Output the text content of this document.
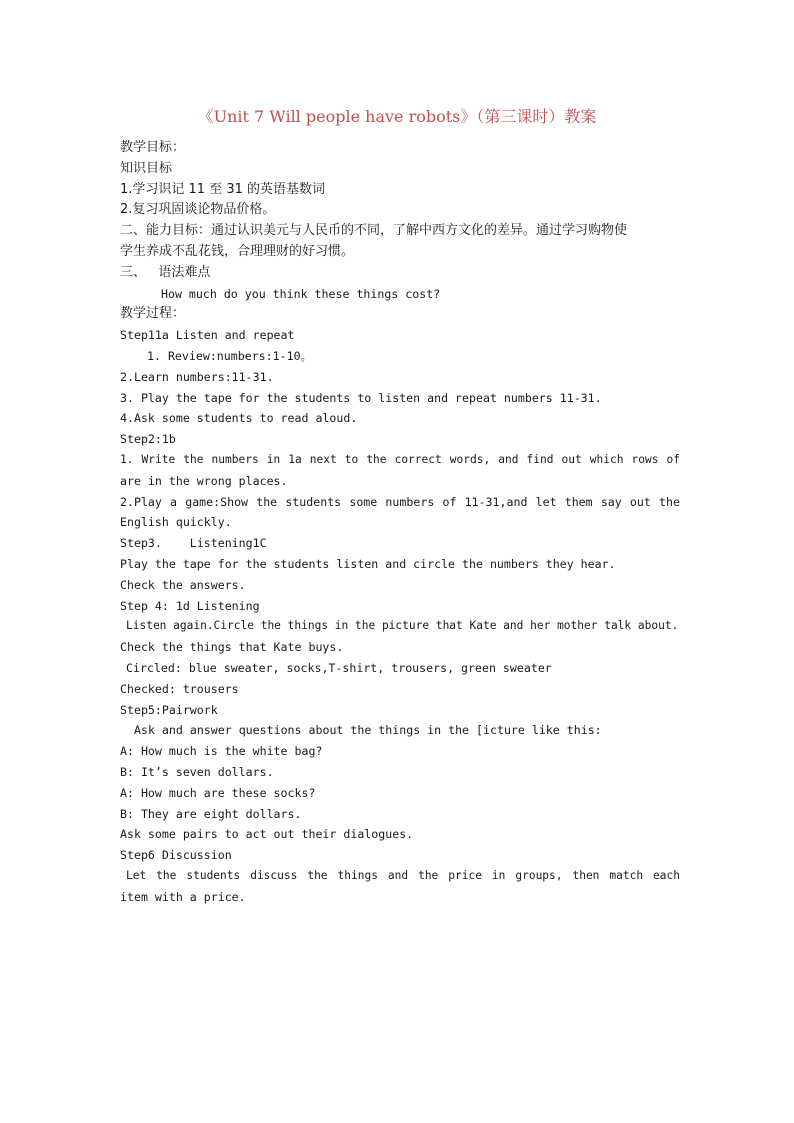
《Unit 7 Will people have robots》（第三课时）教案
教学目标：
知识目标
1.学习识记 11 至 31 的英语基数词
2.复习巩固谈论物品价格。
二、能力目标：通过认识美元与人民币的不同，了解中西方文化的差异。通过学习购物使
学生养成不乱花钱，合理理财的好习惯。
三、   语法难点
How much do you think these things cost?
教学过程：
Step11a Listen and repeat
1. Review:numbers:1-10。
2.Learn numbers:11-31.
3. Play the tape for the students to listen and repeat numbers 11-31.
4.Ask some students to read aloud.
Step2:1b
1. Write the numbers in 1a next to the correct words, and find out which rows of
are in the wrong places.
2.Play a game:Show the students some numbers of 11-31,and let them say out the
English quickly.
Step3.    Listening1C
Play the tape for the students listen and circle the numbers they hear.
Check the answers.
Step 4: 1d Listening
Listen again.Circle the things in the picture that Kate and her mother talk about.
Check the things that Kate buys.
Circled: blue sweater, socks,T-shirt, trousers, green sweater
Checked: trousers
Step5:Pairwork
Ask and answer questions about the things in the [icture like this:
A: How much is the white bag?
B: It’s seven dollars.
A: How much are these socks?
B: They are eight dollars.
Ask some pairs to act out their dialogues.
Step6 Discussion
Let the students discuss the things and the price in groups, then match each
item with a price.
